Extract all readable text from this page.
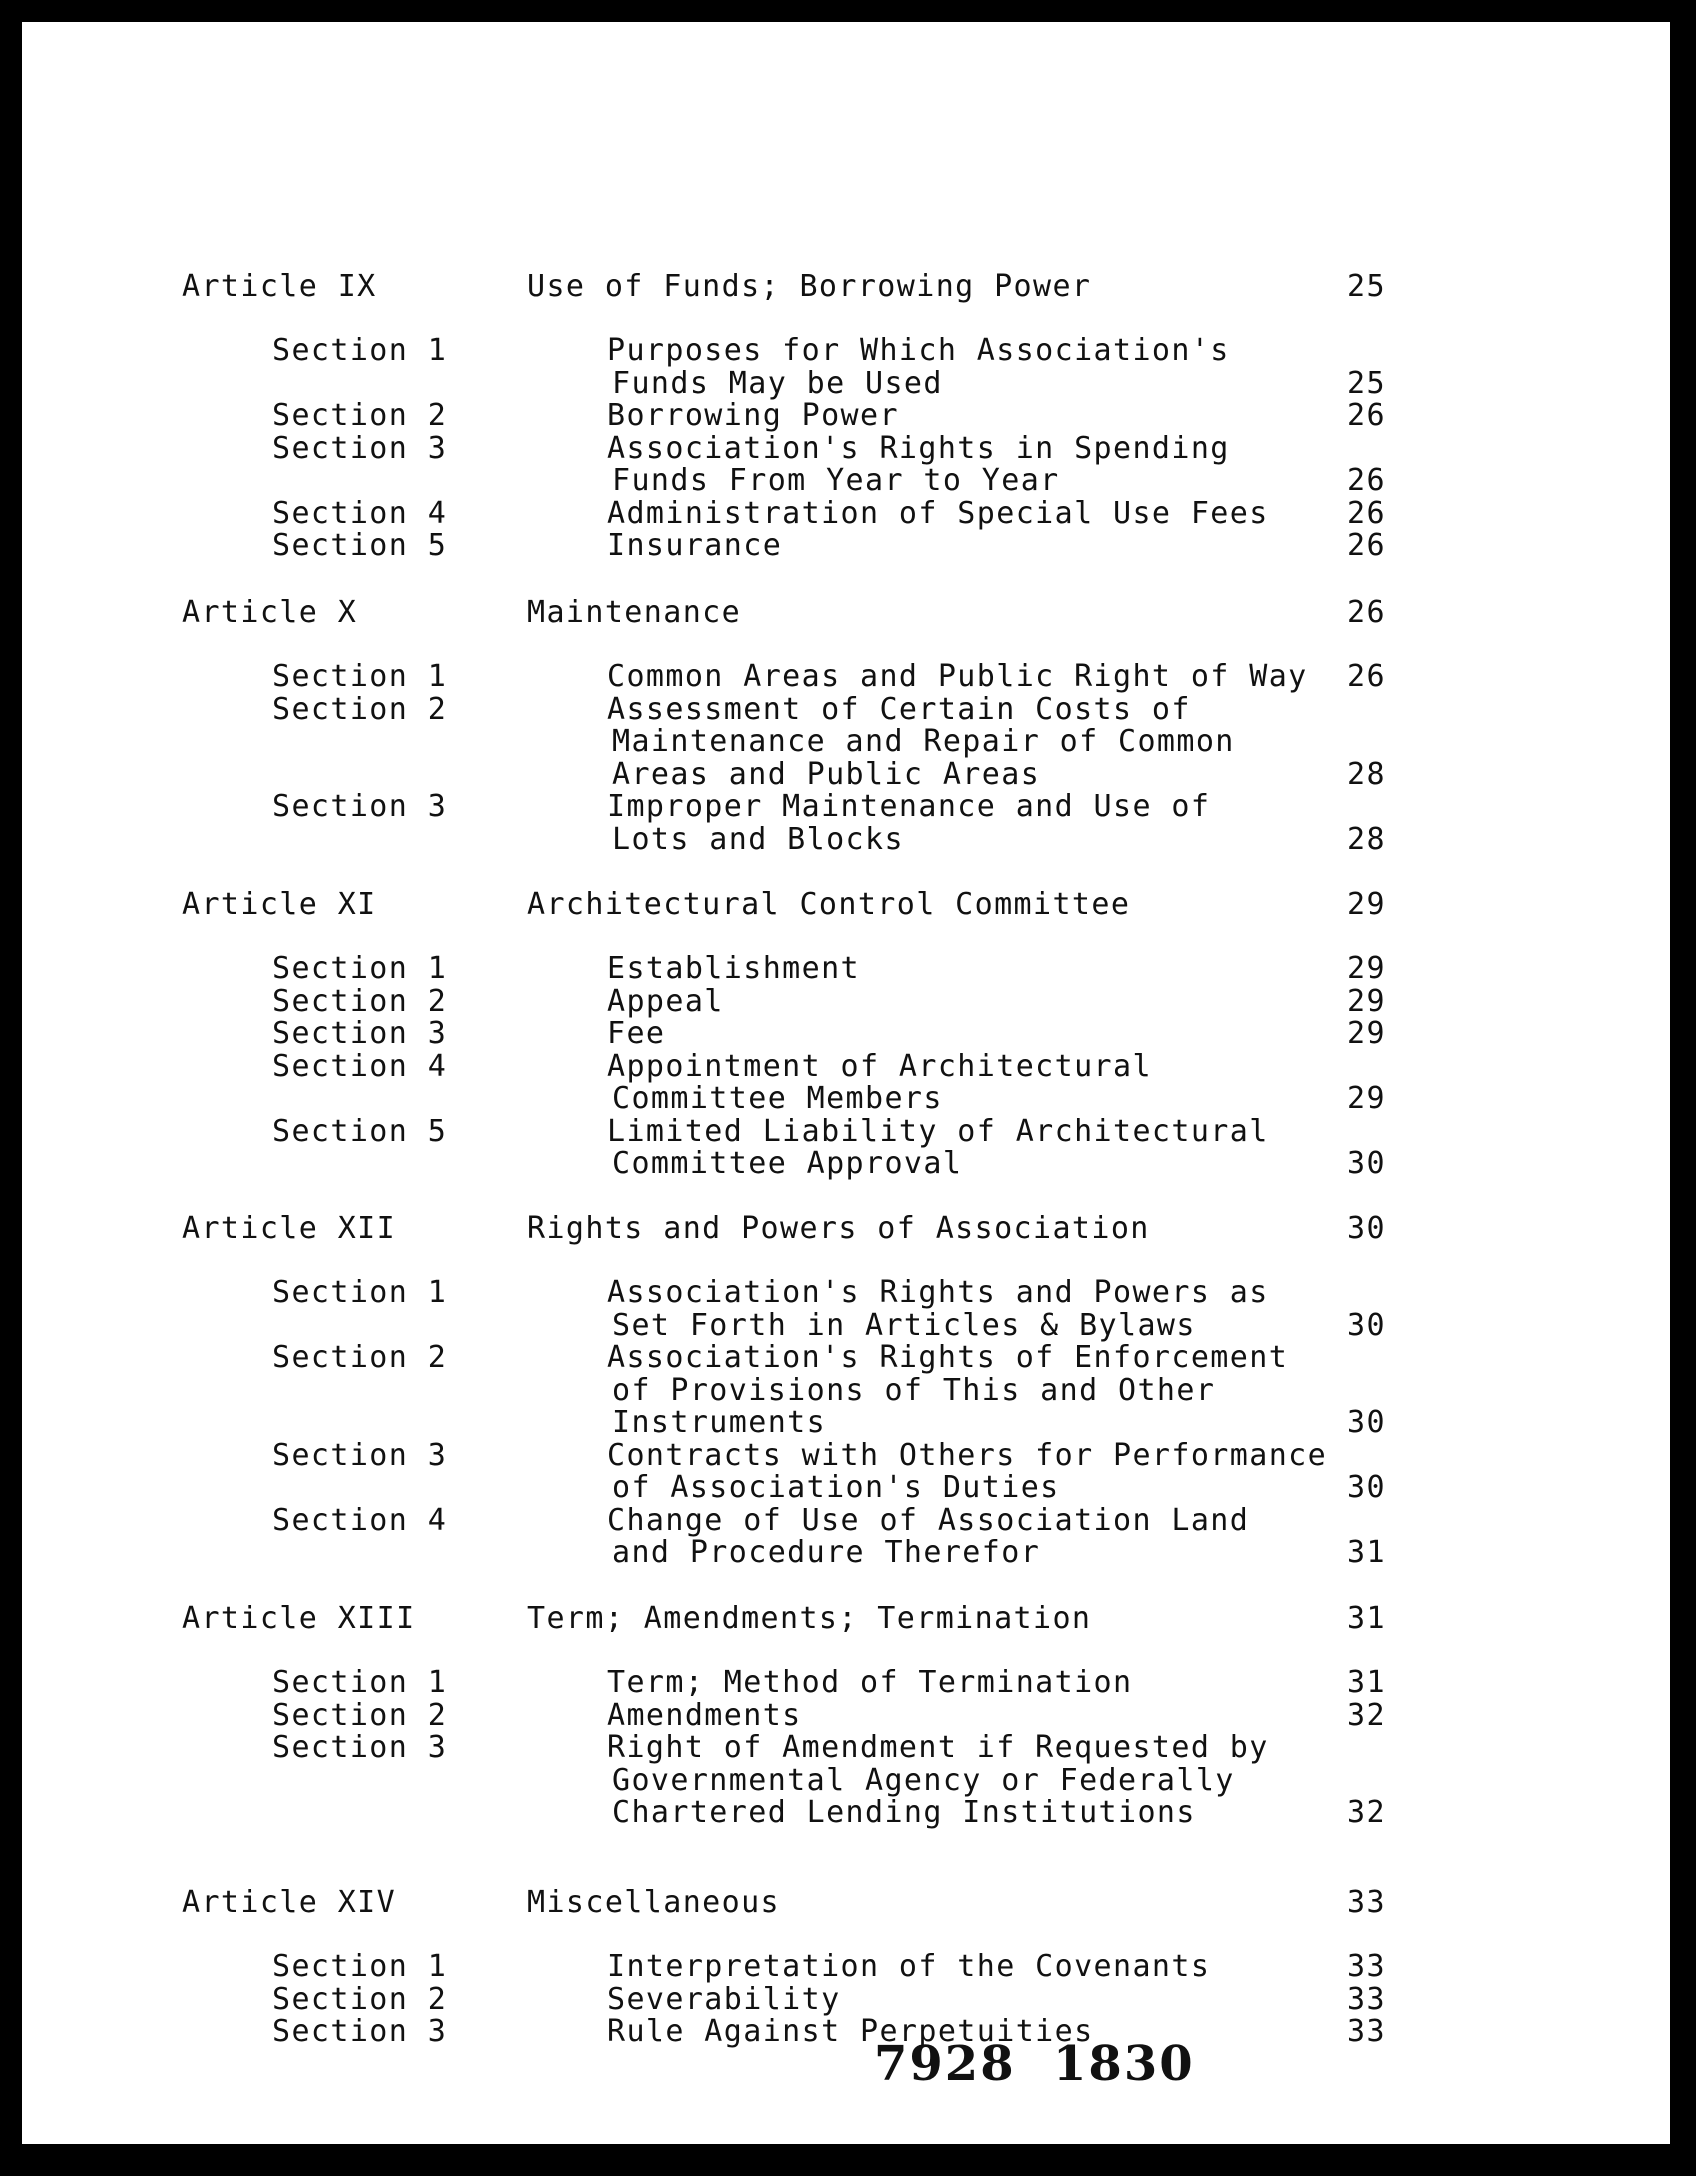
Article IX	Use of Funds; Borrowing Power	25
Section 1	Purposes for Which Association's
Funds May be Used	25
Section 2	Borrowing Power	26
Section 3	Association's Rights in Spending
Funds From Year to Year	26
Section 4	Administration of Special Use Fees	26
Section 5	Insurance	26
Article X	Maintenance	26
Section 1	Common Areas and Public Right of Way 26
Section 2	Assessment of Certain Costs of
Maintenance and Repair of Common
Areas and Public Areas	28
Section 3	Improper Maintenance and Use of
Lots and Blocks	28
Article XI	Architectural Control Committee	29
Section 1	Establishment	29
Section 2	Appeal	29
Section 3	Fee	29
Section 4	Appointment of Architectural
Committee Members	29
Section 5	Limited Liability of Architectural
Committee Approval	30
Article XII	Rights and Powers of Association	30
Section 1	Association's Rights and Powers as
Set Forth in Articles & Bylaws	30
Section 2	Association's Rights of Enforcement
of Provisions of This and Other
Instruments	30
Section 3	Contracts with Others for Performance
of Association's Duties	30
Section 4	Change of Use of Association Land
and Procedure Therefor	31
Article XIII	Term; Amendments; Termination	31
Section 1	Term; Method of Termination	31
Section 2	Amendments	32
Section 3	Right of Amendment if Requested by
Governmental Agency or Federally
Chartered Lending Institutions	32
Article XIV	Miscellaneous	33
Section 1	Interpretation of the Covenants	33
Section 2	Severability	33
Section 3	Rule Against Perpetuities	33
7928  1830
